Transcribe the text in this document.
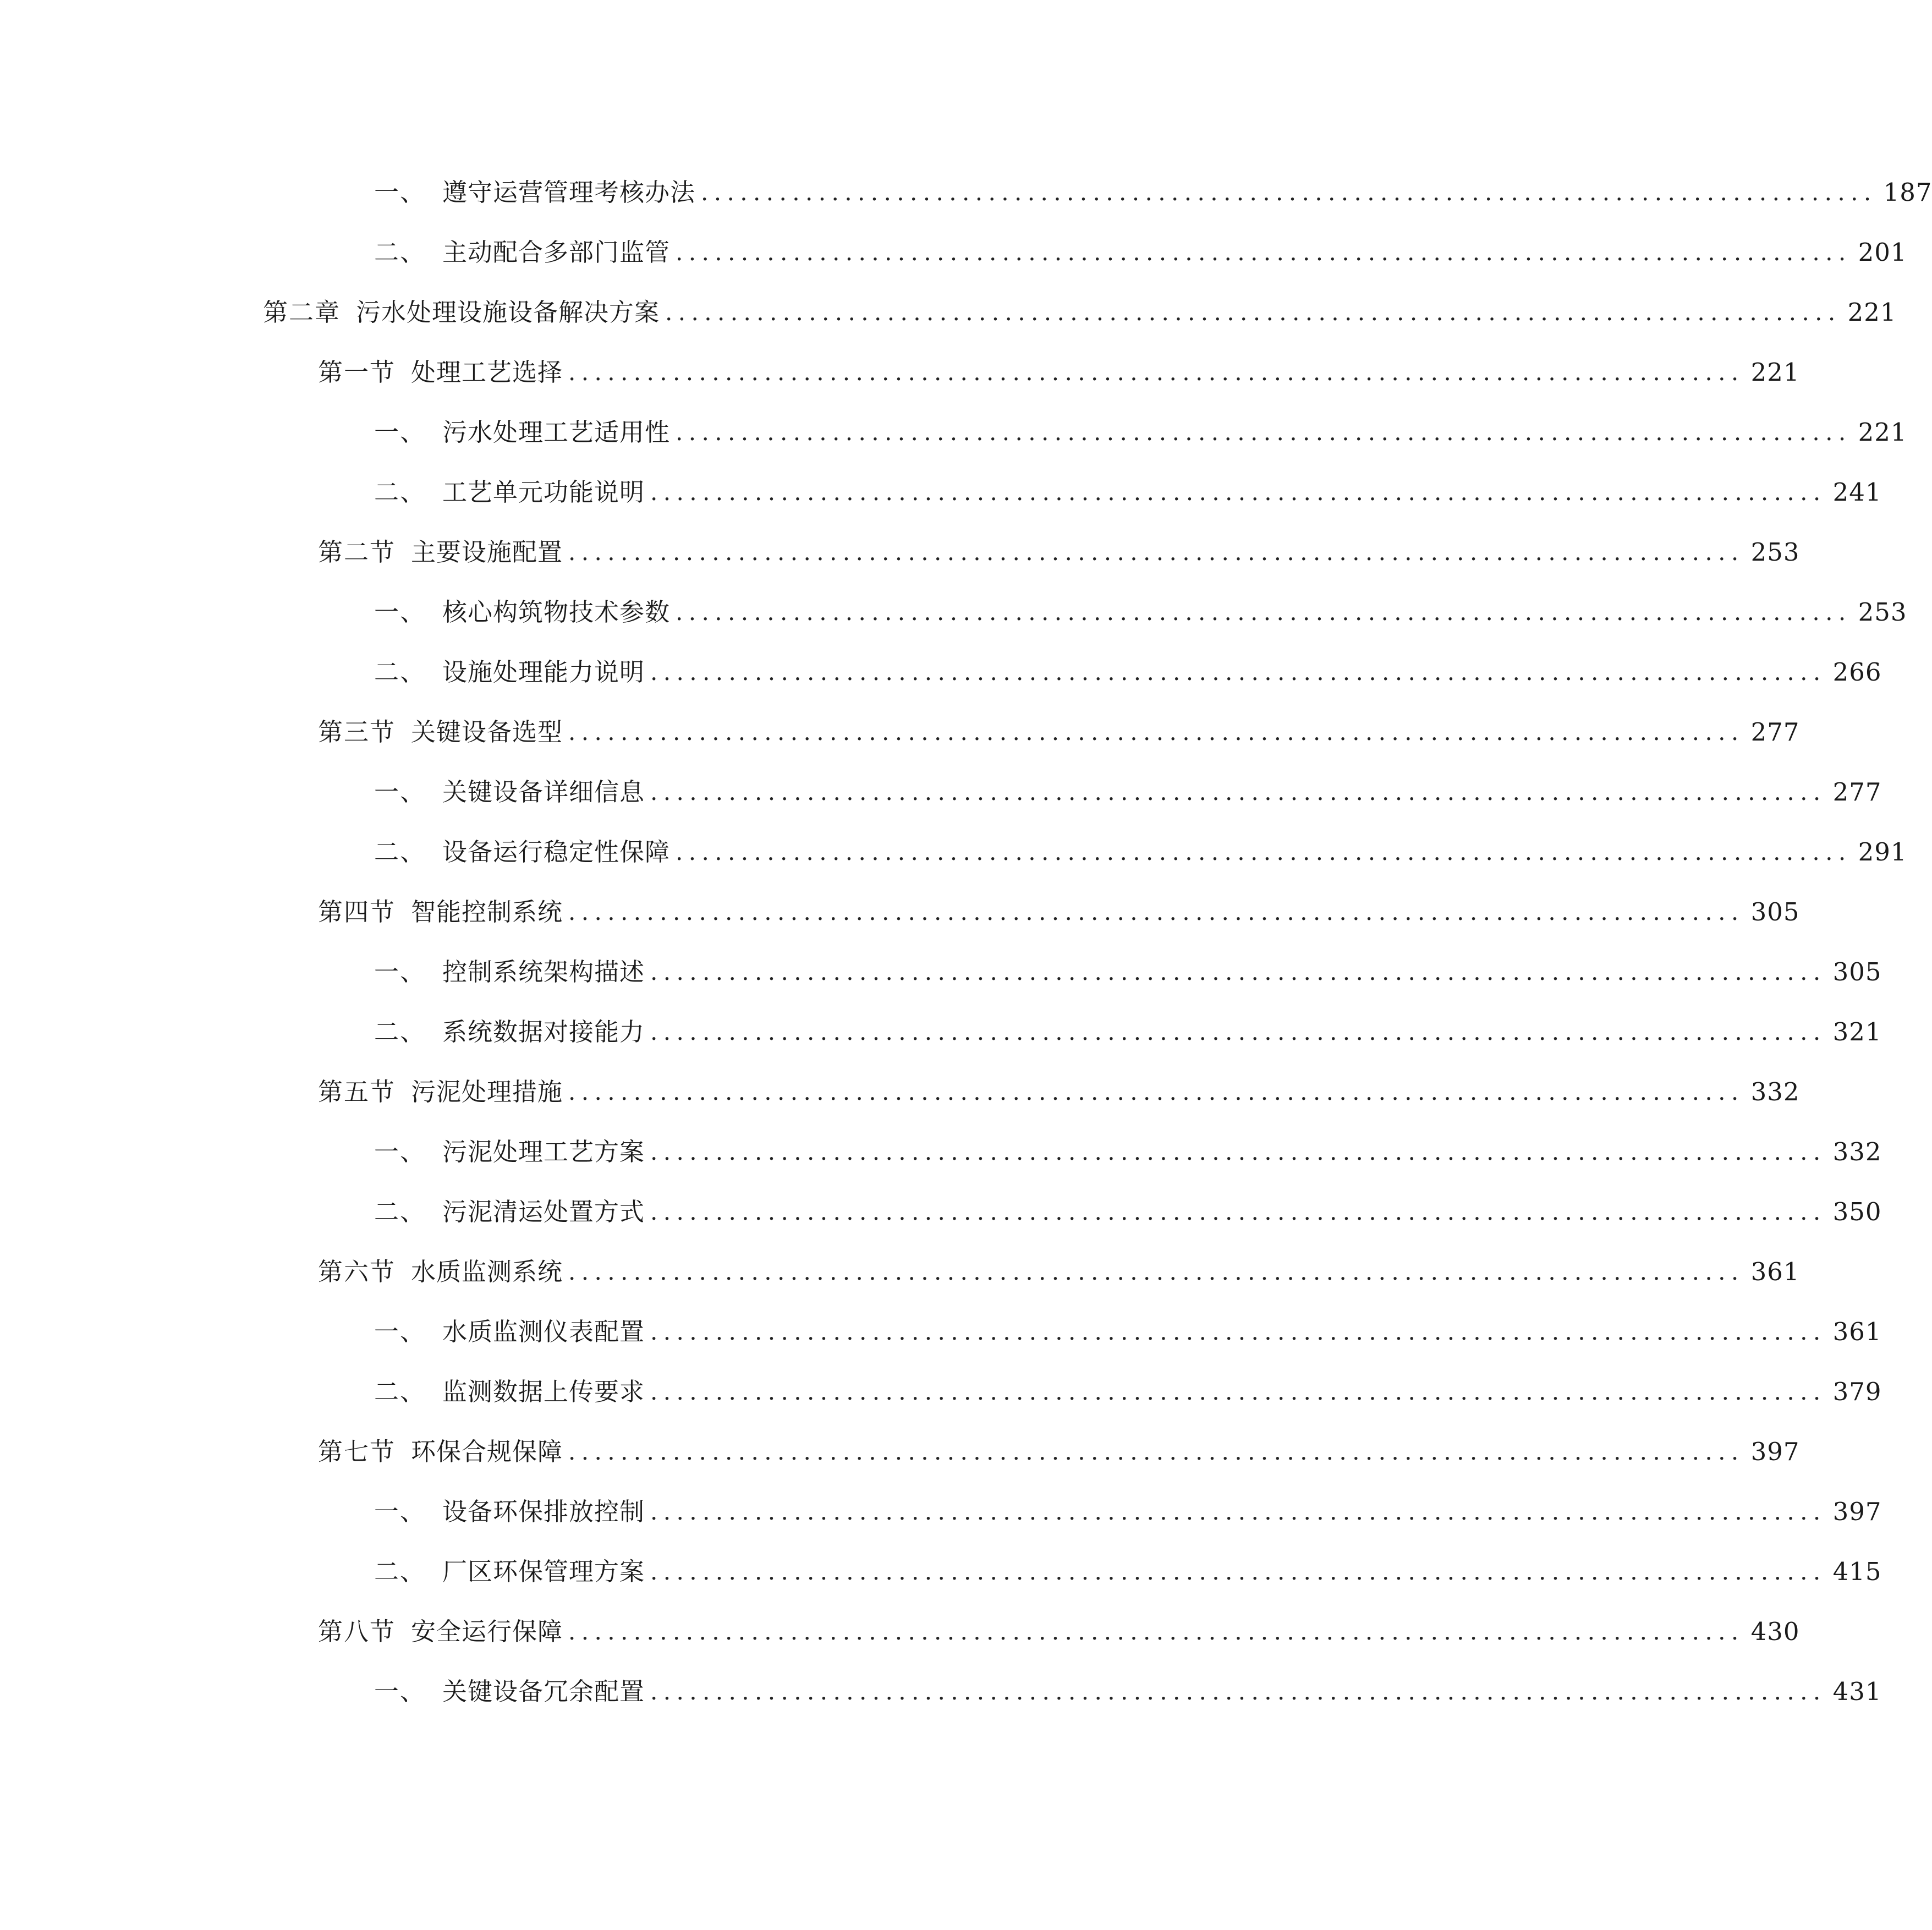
一、 遵守运营管理考核办法 .......................................................................................... 187
二、 主动配合多部门监管 .......................................................................................... 201
第二章 污水处理设施设备解决方案 .......................................................................................... 221
第一节 处理工艺选择 .......................................................................................... 221
一、 污水处理工艺适用性 .......................................................................................... 221
二、 工艺单元功能说明 .......................................................................................... 241
第二节 主要设施配置 .......................................................................................... 253
一、 核心构筑物技术参数 .......................................................................................... 253
二、 设施处理能力说明 .......................................................................................... 266
第三节 关键设备选型 .......................................................................................... 277
一、 关键设备详细信息 .......................................................................................... 277
二、 设备运行稳定性保障 .......................................................................................... 291
第四节 智能控制系统 .......................................................................................... 305
一、 控制系统架构描述 .......................................................................................... 305
二、 系统数据对接能力 .......................................................................................... 321
第五节 污泥处理措施 .......................................................................................... 332
一、 污泥处理工艺方案 .......................................................................................... 332
二、 污泥清运处置方式 .......................................................................................... 350
第六节 水质监测系统 .......................................................................................... 361
一、 水质监测仪表配置 .......................................................................................... 361
二、 监测数据上传要求 .......................................................................................... 379
第七节 环保合规保障 .......................................................................................... 397
一、 设备环保排放控制 .......................................................................................... 397
二、 厂区环保管理方案 .......................................................................................... 415
第八节 安全运行保障 .......................................................................................... 430
一、 关键设备冗余配置 .......................................................................................... 431
